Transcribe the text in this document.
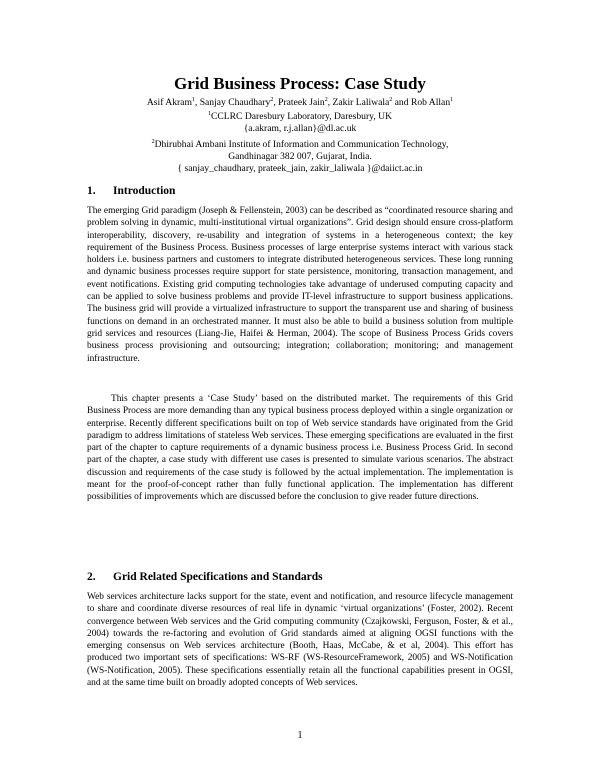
Grid Business Process: Case Study
Asif Akram$^1$, Sanjay Chaudhary$^2$, Prateek Jain$^2$, Zakir Laliwala$^2$ and Rob Allan$^1$
$^1$CCLRC Daresbury Laboratory, Daresbury, UK
{a.akram, r.j.allan}@dl.ac.uk
$^2$Dhirubhai Ambani Institute of Information and Communication Technology,
Gandhinagar 382 007, Gujarat, India.
{ sanjay_chaudhary, prateek_jain, zakir_laliwala }@daiict.ac.in
1. Introduction

The emerging Grid paradigm (Joseph & Fellenstein, 2003) can be described as “coordinated resource sharing and problem solving in dynamic, multi-institutional virtual organizations”. Grid design should ensure cross-platform interoperability, discovery, re-usability and integration of systems in a heterogeneous context; the key requirement of the Business Process. Business processes of large enterprise systems interact with various stack holders i.e. business partners and customers to integrate distributed heterogeneous services. These long running and dynamic business processes require support for state persistence, monitoring, transaction management, and event notifications. Existing grid computing technologies take advantage of underused computing capacity and can be applied to solve business problems and provide IT-level infrastructure to support business applications. The business grid will provide a virtualized infrastructure to support the transparent use and sharing of business functions on demand in an orchestrated manner. It must also be able to build a business solution from multiple grid services and resources (Liang-Jie, Haifei & Herman, 2004). The scope of Business Process Grids covers business process provisioning and outsourcing; integration; collaboration; monitoring; and management infrastructure.

This chapter presents a ‘Case Study’ based on the distributed market. The requirements of this Grid Business Process are more demanding than any typical business process deployed within a single organization or enterprise. Recently different specifications built on top of Web service standards have originated from the Grid paradigm to address limitations of stateless Web services. These emerging specifications are evaluated in the first part of the chapter to capture requirements of a dynamic business process i.e. Business Process Grid. In second part of the chapter, a case study with different use cases is presented to simulate various scenarios. The abstract discussion and requirements of the case study is followed by the actual implementation. The implementation is meant for the proof-of-concept rather than fully functional application. The implementation has different possibilities of improvements which are discussed before the conclusion to give reader future directions.

2. Grid Related Specifications and Standards

Web services architecture lacks support for the state, event and notification, and resource lifecycle management to share and coordinate diverse resources of real life in dynamic ‘virtual organizations’ (Foster, 2002). Recent convergence between Web services and the Grid computing community (Czajkowski, Ferguson, Foster, & et al., 2004) towards the re-factoring and evolution of Grid standards aimed at aligning OGSI functions with the emerging consensus on Web services architecture (Booth, Haas, McCabe, & et al, 2004). This effort has produced two important sets of specifications: WS-RF (WS-ResourceFramework, 2005) and WS-Notification (WS-Notification, 2005). These specifications essentially retain all the functional capabilities present in OGSI, and at the same time built on broadly adopted concepts of Web services.

1
